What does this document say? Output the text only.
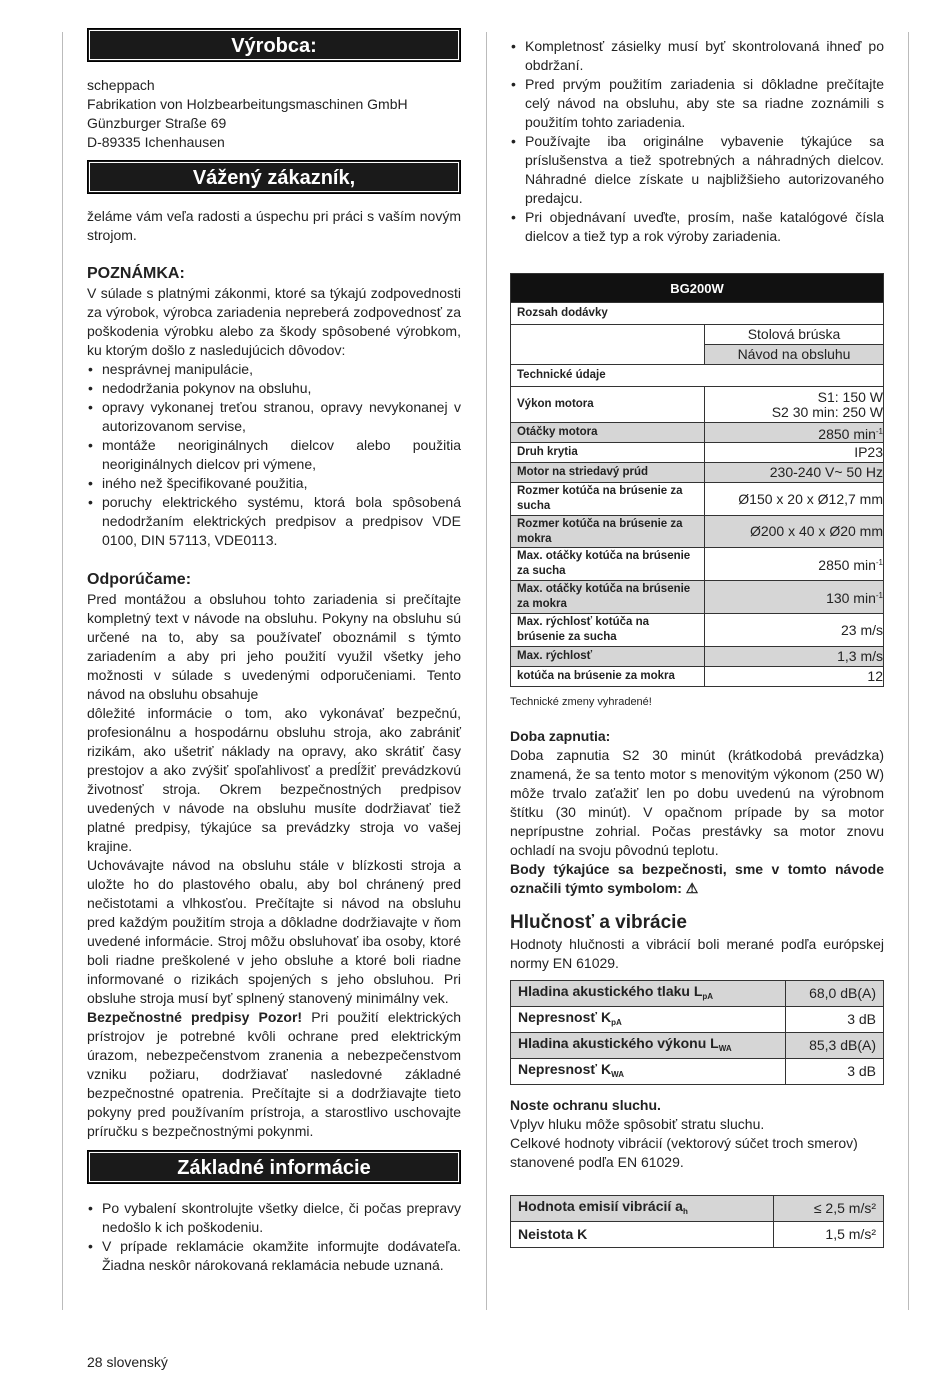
Výrobca:
scheppach
Fabrikation von Holzbearbeitungsmaschinen GmbH
Günzburger Straße 69
D-89335 Ichenhausen
Vážený zákazník,

želáme vám veľa radosti a úspechu pri práci s vaším novým strojom.

POZNÁMKA:

V súlade s platnými zákonmi, ktoré sa týkajú zodpovednosti za výrobok, výrobca zariadenia nepreberá zodpovednosť za poškodenia výrobku alebo za škody spôsobené výrobkom, ku ktorým došlo z nasledujúcich dôvodov:

• nesprávnej manipulácie,
• nedodržania pokynov na obsluhu,
• opravy vykonanej treťou stranou, opravy nevykonanej v autorizovanom servise,
• montáže neoriginálnych dielcov alebo použitia neoriginálnych dielcov pri výmene,
• iného než špecifikované použitia,
• poruchy elektrického systému, ktorá bola spôsobená nedodržaním elektrických predpisov a predpisov VDE 0100, DIN 57113, VDE0113.
Odporúčame:

Pred montážou a obsluhou tohto zariadenia si prečítajte kompletný text v návode na obsluhu. Pokyny na obsluhu sú určené na to, aby sa používateľ oboznámil s týmto zariadením a aby pri jeho použití využil všetky jeho možnosti v súlade s uvedenými odporučeniami. Tento návod na obsluhu obsahuje

dôležité informácie o tom, ako vykonávať bezpečnú, profesionálnu a hospodárnu obsluhu stroja, ako zabrániť rizikám, ako ušetriť náklady na opravy, ako skrátiť časy prestojov a ako zvýšiť spoľahlivosť a predĺžiť prevádzkovú životnosť stroja. Okrem bezpečnostných predpisov uvedených v návode na obsluhu musíte dodržiavať tiež platné predpisy, týkajúce sa prevádzky stroja vo vašej krajine.

Uchovávajte návod na obsluhu stále v blízkosti stroja a uložte ho do plastového obalu, aby bol chránený pred nečistotami a vlhkosťou. Prečítajte si návod na obsluhu pred každým použitím stroja a dôkladne dodržiavajte v ňom uvedené informácie. Stroj môžu obsluhovať iba osoby, ktoré boli riadne preškolené v jeho obsluhe a ktoré boli riadne informované o rizikách spojených s jeho obsluhou. Pri obsluhe stroja musí byť splnený stanovený minimálny vek.

Bezpečnostné predpisy Pozor! Pri použití elektrických prístrojov je potrebné kvôli ochrane pred elektrickým úrazom, nebezpečenstvom zranenia a nebezpečenstvom vzniku požiaru, dodržiavať nasledovné základné bezpečnostné opatrenia. Prečítajte si a dodržiavajte tieto pokyny pred používaním prístroja, a starostlivo uschovajte príručku s bezpečnostnými pokynmi.

Základné informácie
• Po vybalení skontrolujte všetky dielce, či počas prepravy nedošlo k ich poškodeniu.
• V prípade reklamácie okamžite informujte dodávateľa. Žiadna neskôr nárokovaná reklamácia nebude uznaná.
• Kompletnosť zásielky musí byť skontrolovaná ihneď po obdržaní.
• Pred prvým použitím zariadenia si dôkladne prečítajte celý návod na obsluhu, aby ste sa riadne zoznámili s použitím tohto zariadenia.
• Používajte iba originálne vybavenie týkajúce sa príslušenstva a tiež spotrebných a náhradných dielcov. Náhradné dielce získate u najbližšieho autorizovaného predajcu.
• Pri objednávaní uveďte, prosím, naše katalógové čísla dielcov a tiež typ a rok výroby zariadenia.
BG200W	
Rozsah dodávky	
	Stolová brúska
	Návod na obsluhu
Technické údaje	
Výkon motora	S1: 150 W
S2 30 min: 250 W

Otáčky motora	2850 $\min^{-1}$
Druh krytia	IP23
Motor na striedavý prúd	230-240 V~ 50 Hz
Rozmer kotúča na brúsenie za sucha	Ø150 x 20 x Ø12,7 mm
Rozmer kotúča na brúsenie za mokra	Ø200 x 40 x Ø20 mm
Max. otáčky kotúča na brúsenie za sucha	2850 $\min^{-1}$
Max. otáčky kotúča na brúsenie za mokra	130 $\min^{-1}$
Max. rýchlosť kotúča na brúsenie za sucha	23 m/s
Max. rýchlosť	1,3 m/s
kotúča na brúsenie za mokra	12

Technické zmeny vyhradené!

Doba zapnutia:

Doba zapnutia S2 30 minút (krátkodobá prevádzka) znamená, že sa tento motor s menovitým výkonom (250 W) môže trvalo zaťažiť len po dobu uvedenú na výrobnom štítku (30 minút). V opačnom prípade by sa motor neprípustne zohrial. Počas prestávky sa motor znovu ochladí na svoju pôvodnú teplotu.

Body týkajúce sa bezpečnosti, sme v tomto návode označili týmto symbolom: ⚠

Hlučnosť a vibrácie

Hodnoty hlučnosti a vibrácií boli merané podľa európskej normy EN 61029.

Hladina akustického tlaku $L_{pA}$	68,0 dB(A)
Nepresnosť $K_{pA}$	3 dB
Hladina akustického výkonu $L_{WA}$	85,3 dB(A)
Nepresnosť $K_{WA}$	3 dB
Noste ochranu sluchu.

Vplyv hluku môže spôsobiť stratu sluchu.

Celkové hodnoty vibrácií (vektorový súčet troch smerov) stanovené podľa EN 61029.

Hodnota emisií vibrácií $a_h$	≤ 2,5 m/s²
Neistota K	1,5 m/s²
28 slovenský
